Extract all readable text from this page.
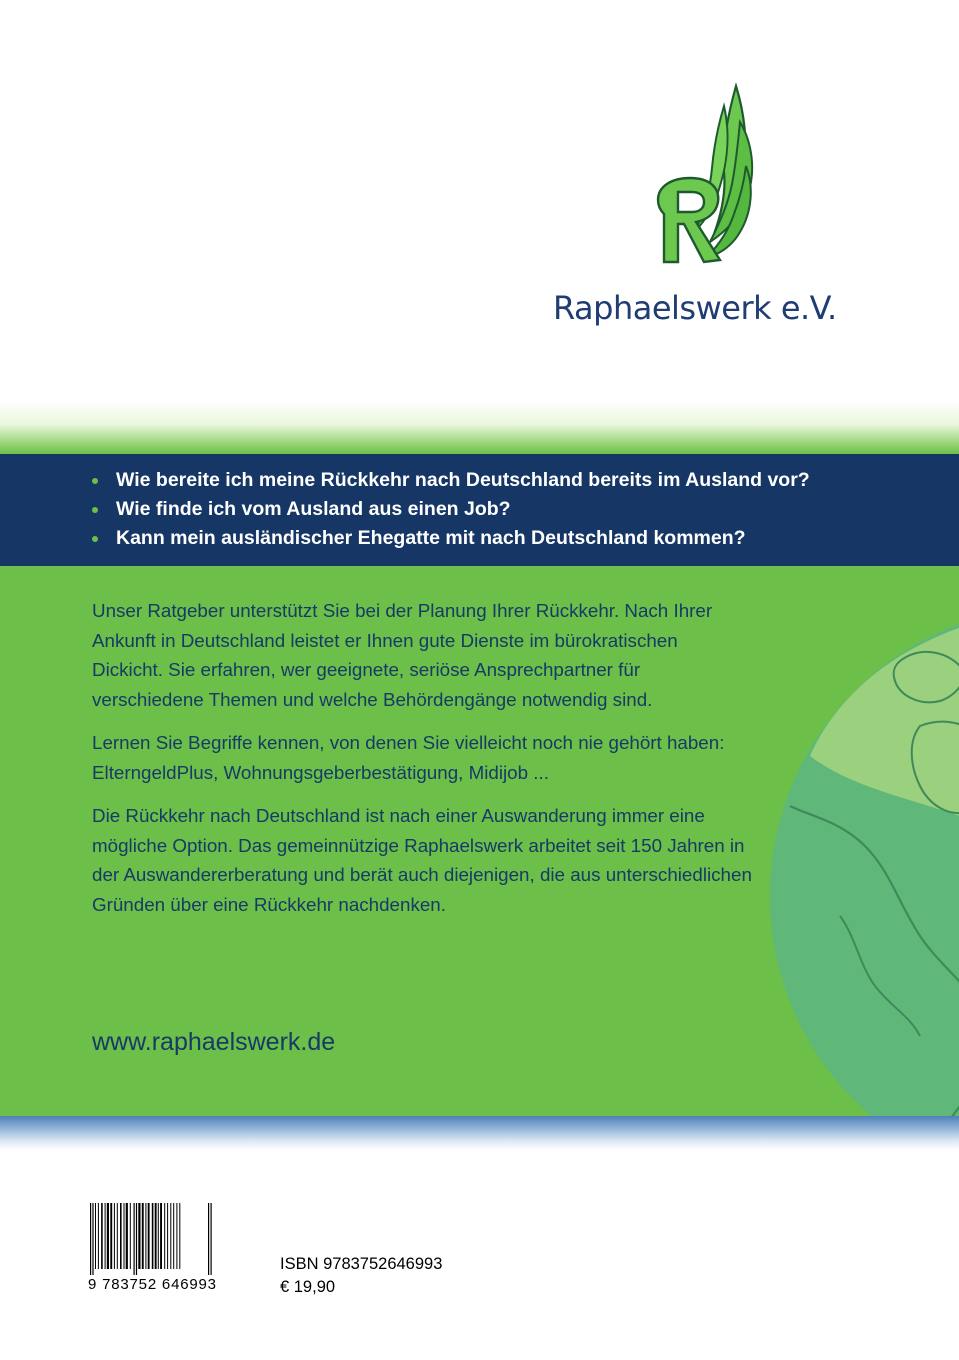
Raphaelswerk e.V.
Wie bereite ich meine Rückkehr nach Deutschland bereits im Ausland vor?
Wie finde ich vom Ausland aus einen Job?
Kann mein ausländischer Ehegatte mit nach Deutschland kommen?

Unser Ratgeber unterstützt Sie bei der Planung Ihrer Rückkehr. Nach Ihrer Ankunft in Deutschland leistet er Ihnen gute Dienste im bürokratischen Dickicht. Sie erfahren, wer geeignete, seriöse Ansprechpartner für verschiedene Themen und welche Behördengänge notwendig sind.

Lernen Sie Begriffe kennen, von denen Sie vielleicht noch nie gehört haben: ElterngeldPlus, Wohnungsgeberbestätigung, Midijob ...

Die Rückkehr nach Deutschland ist nach einer Auswanderung immer eine mögliche Option. Das gemeinnützige Raphaelswerk arbeitet seit 150 Jahren in der Auswandererberatung und berät auch diejenigen, die aus unterschiedlichen Gründen über eine Rückkehr nachdenken.

www.raphaelswerk.de
9 783752 646993
ISBN 9783752646993
€ 19,90
